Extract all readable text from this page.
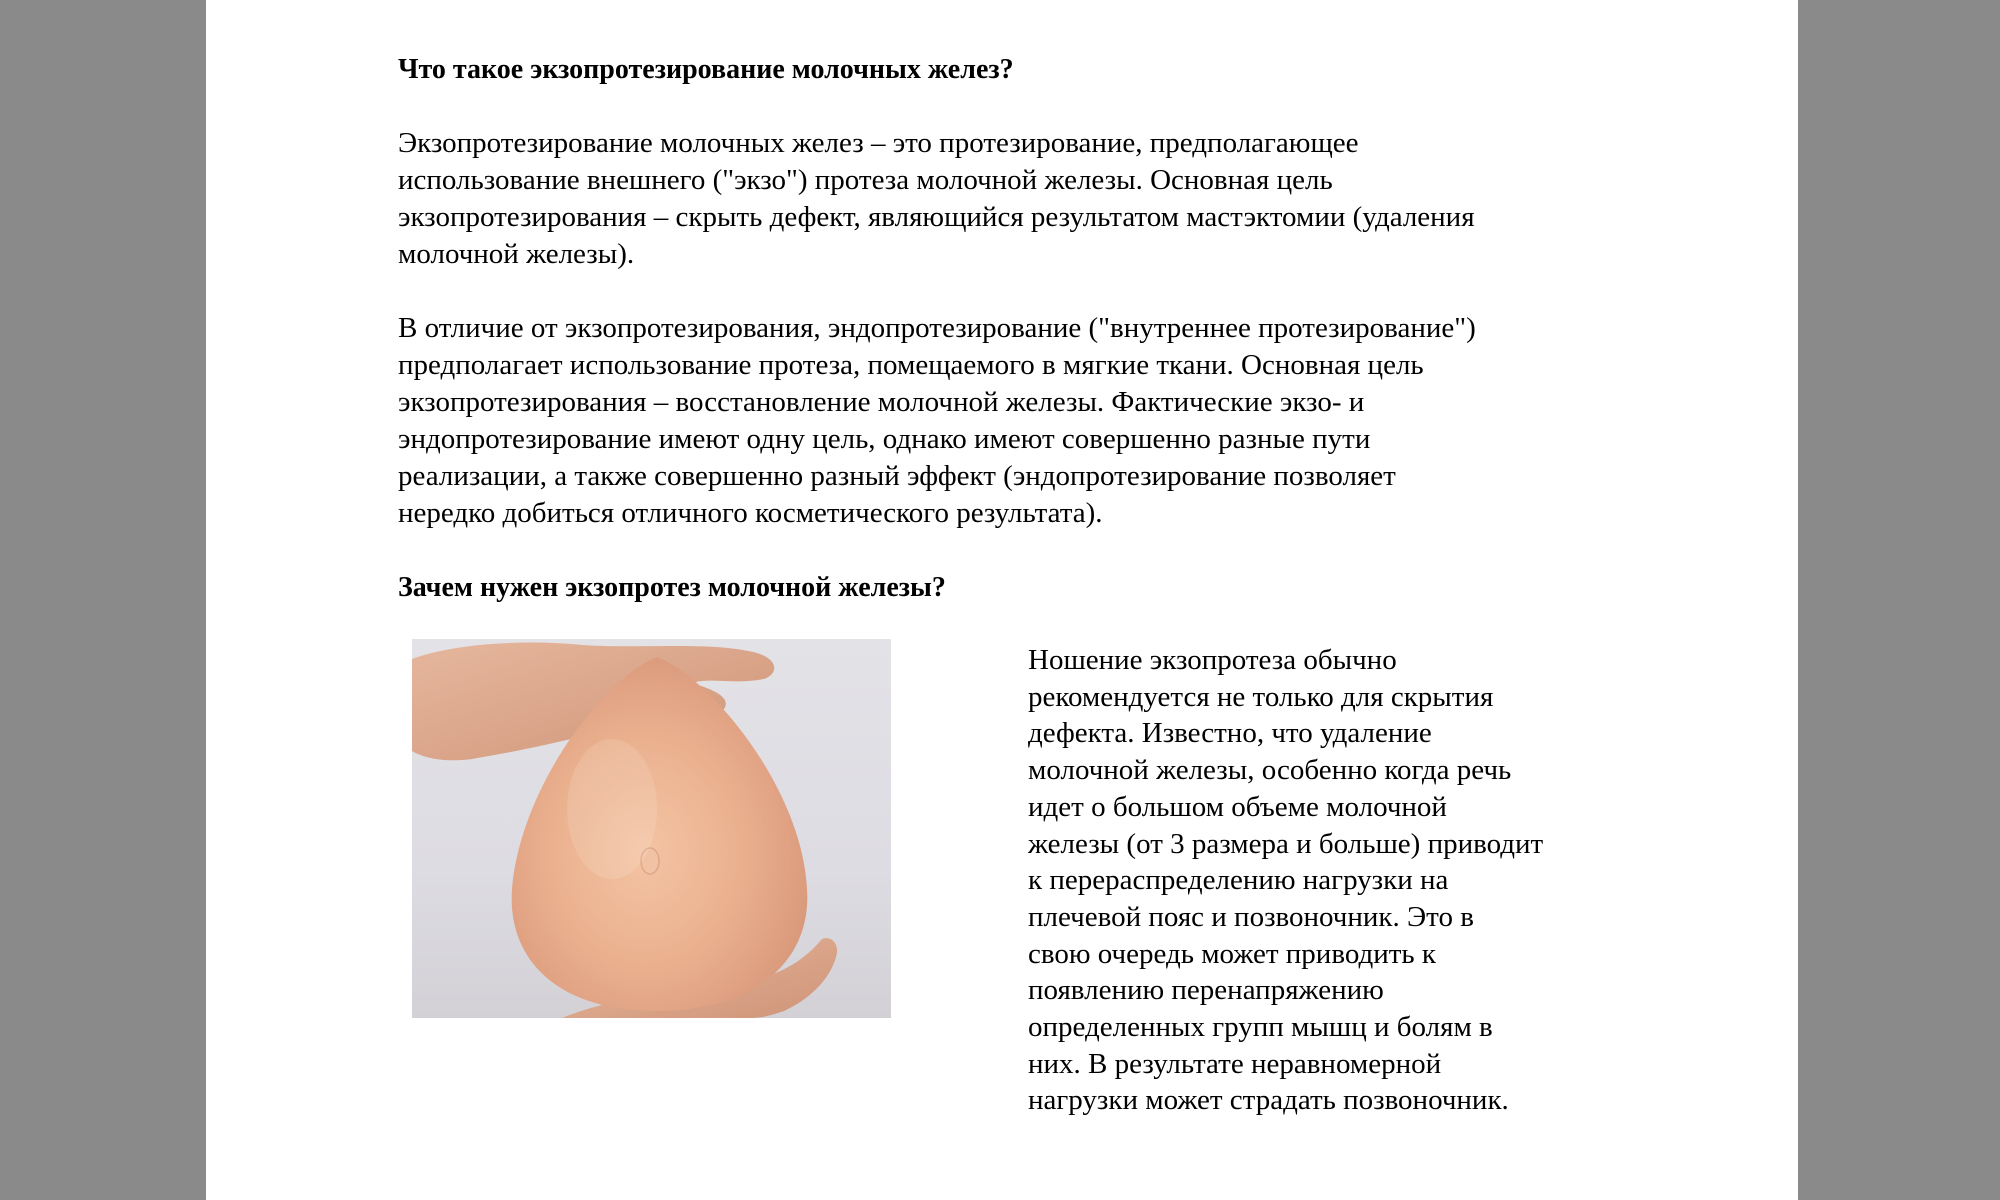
Что такое экзопротезирование молочных желез?

Экзопротезирование молочных желез – это протезирование, предполагающее
использование внешнего ("экзо") протеза молочной железы. Основная цель
экзопротезирования – скрыть дефект, являющийся результатом мастэктомии (удаления
молочной железы).

В отличие от экзопротезирования, эндопротезирование ("внутреннее протезирование")
предполагает использование протеза, помещаемого в мягкие ткани. Основная цель
экзопротезирования – восстановление молочной железы. Фактические экзо- и
эндопротезирование имеют одну цель, однако имеют совершенно разные пути
реализации, а также совершенно разный эффект (эндопротезирование позволяет
нередко добиться отличного косметического результата).

Зачем нужен экзопротез молочной железы?

Ношение экзопротеза обычно
рекомендуется не только для скрытия
дефекта. Известно, что удаление
молочной железы, особенно когда речь
идет о большом объеме молочной
железы (от 3 размера и больше) приводит
к перераспределению нагрузки на
плечевой пояс и позвоночник. Это в
свою очередь может приводить к
появлению перенапряжению
определенных групп мышц и болям в
них. В результате неравномерной
нагрузки может страдать позвоночник.
